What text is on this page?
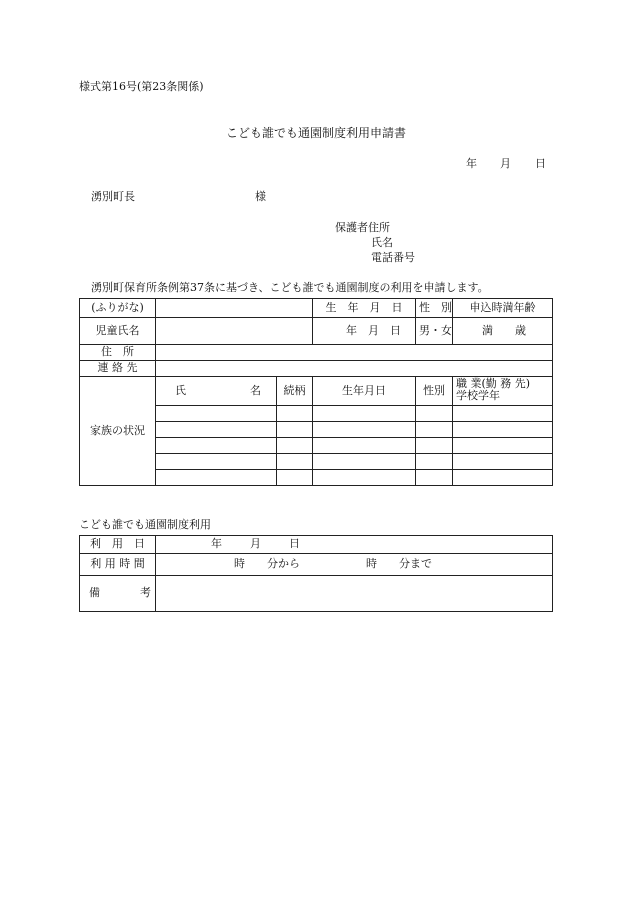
様式第16号(第23条関係)
こども誰でも通園制度利用申請書
年 月 日
湧別町長	様
保護者住所
氏名
電話番号
湧別町保育所条例第37条に基づき、こども誰でも通園制度の利用を申請します。
(ふりがな)			生　年　月　日	性　別	申込時満年齢
児童氏名			年　月　日	男・女	満 歳
住　所					
連 絡 先					
家族の状況	氏 名	続柄	生年月日	性別	職 業(勤 務 先)
学校学年

こども誰でも通園制度利用
利　用　日	年 月 日
利 用 時 間	時 分から 時 分まで
備 考	
